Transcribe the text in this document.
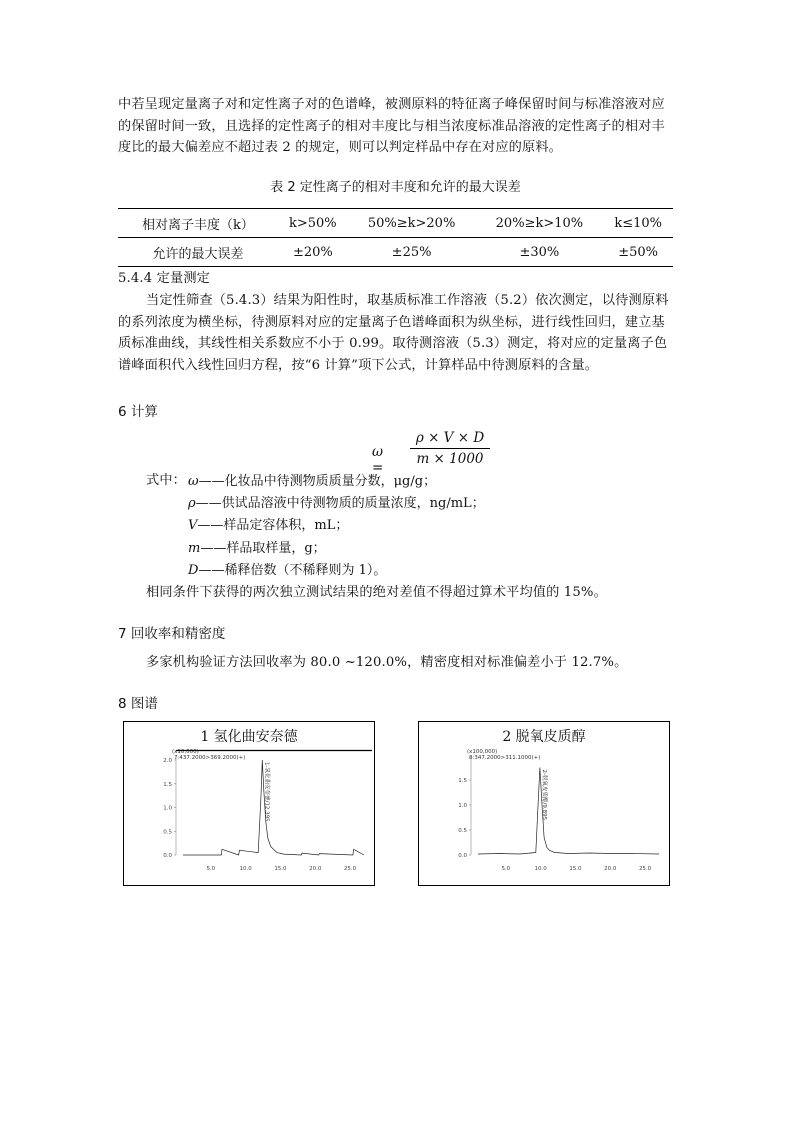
中若呈现定量离子对和定性离子对的色谱峰，被测原料的特征离子峰保留时间与标准溶液对应的保留时间一致，且选择的定性离子的相对丰度比与相当浓度标准品溶液的定性离子的相对丰度比的最大偏差应不超过表 2 的规定，则可以判定样品中存在对应的原料。
表 2 定性离子的相对丰度和允许的最大误差
相对离子丰度（k）	k>50%	50%≥k>20%	20%≥k>10%	k≤10%
允许的最大误差	±20%	±25%	±30%	±50%
5.4.4 定量测定
当定性筛查（5.4.3）结果为阳性时，取基质标准工作溶液（5.2）依次测定，以待测原料的系列浓度为横坐标，待测原料对应的定量离子色谱峰面积为纵坐标，进行线性回归，建立基质标准曲线，其线性相关系数应不小于 0.99。取待测溶液（5.3）测定，将对应的定量离子色谱峰面积代入线性回归方程，按“6 计算”项下公式，计算样品中待测原料的含量。
6 计算
ω =
$\frac{\rho \times V \times D}{m \times 1000}$
式中： ω——化妆品中待测物质质量分数，μg/g；
ρ——供试品溶液中待测物质的质量浓度，ng/mL；
V——样品定容体积，mL；
m——样品取样量，g；
D——稀释倍数（不稀释则为 1）。
相同条件下获得的两次独立测试结果的绝对差值不得超过算术平均值的 15%。
7 回收率和精密度
多家机构验证方法回收率为 80.0 ~120.0%，精密度相对标准偏差小于 12.7%。
8 图谱
1 氢化曲安奈德
(x10,000)
7:437.2000>369.2000(+)
2.0
1.5
1.0
0.5
0.0
5.0	10.0	15.0	20.0	25.0
1-氢化曲安奈德/12.395
2 脱氧皮质醇
(x100,000)
8:347.2000>311.1000(+)
1.5
1.0
0.5
0.0
5.0	10.0	15.0	20.0	25.0
2-脱氧皮质醇/9.895
